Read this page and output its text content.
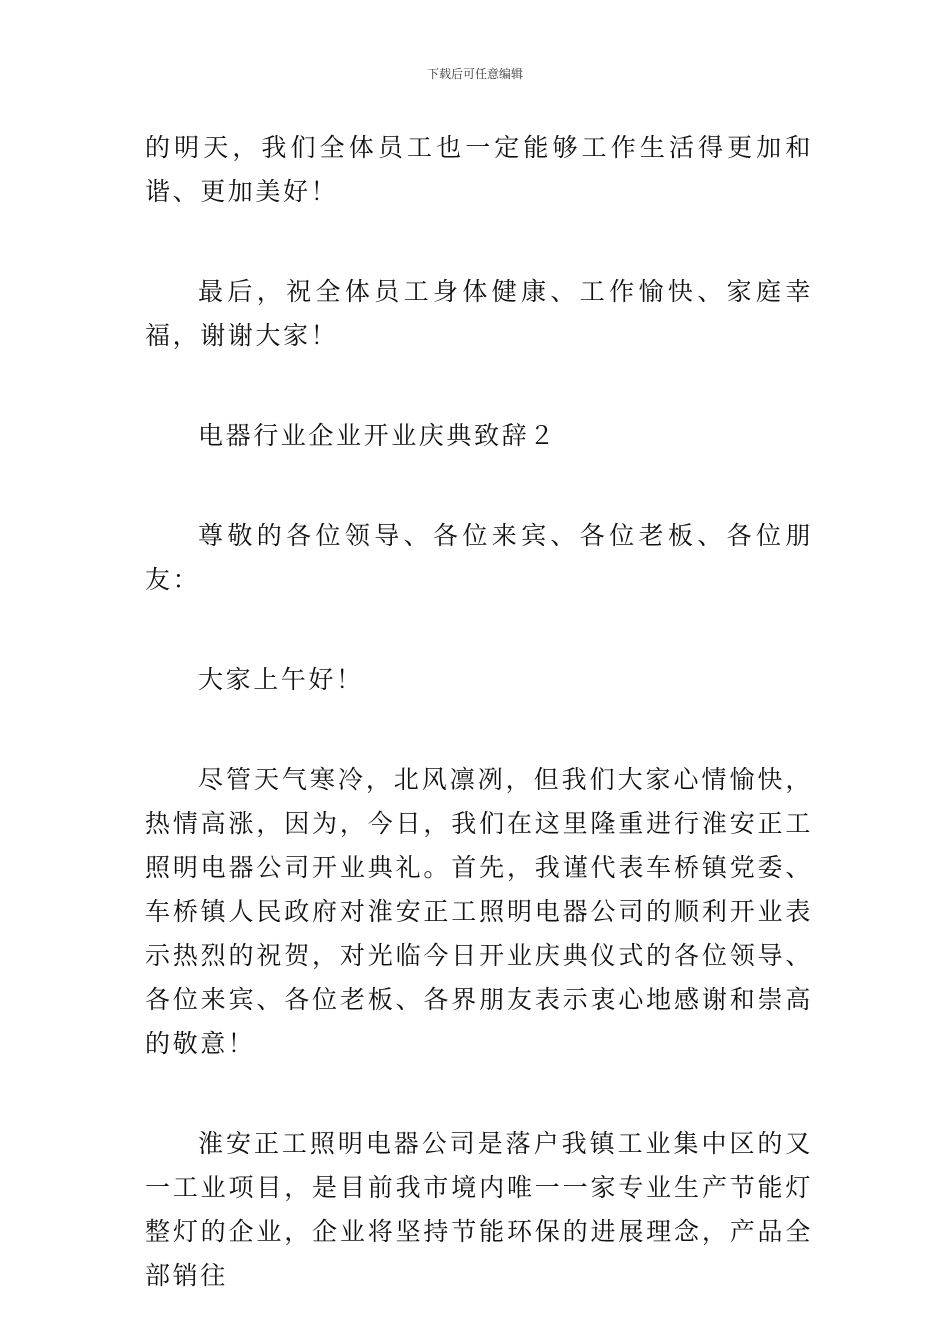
下载后可任意编辑

的明天，我们全体员工也一定能够工作生活得更加和谐、更加美好！

最后，祝全体员工身体健康、工作愉快、家庭幸福，谢谢大家！

电器行业企业开业庆典致辞２

尊敬的各位领导、各位来宾、各位老板、各位朋友：

大家上午好！

尽管天气寒冷，北风凛冽，但我们大家心情愉快，热情高涨，因为，今日，我们在这里隆重进行淮安正工照明电器公司开业典礼。首先，我谨代表车桥镇党委、车桥镇人民政府对淮安正工照明电器公司的顺利开业表示热烈的祝贺，对光临今日开业庆典仪式的各位领导、各位来宾、各位老板、各界朋友表示衷心地感谢和崇高的敬意！

淮安正工照明电器公司是落户我镇工业集中区的又一工业项目，是目前我市境内唯一一家专业生产节能灯整灯的企业，企业将坚持节能环保的进展理念，产品全部销往
